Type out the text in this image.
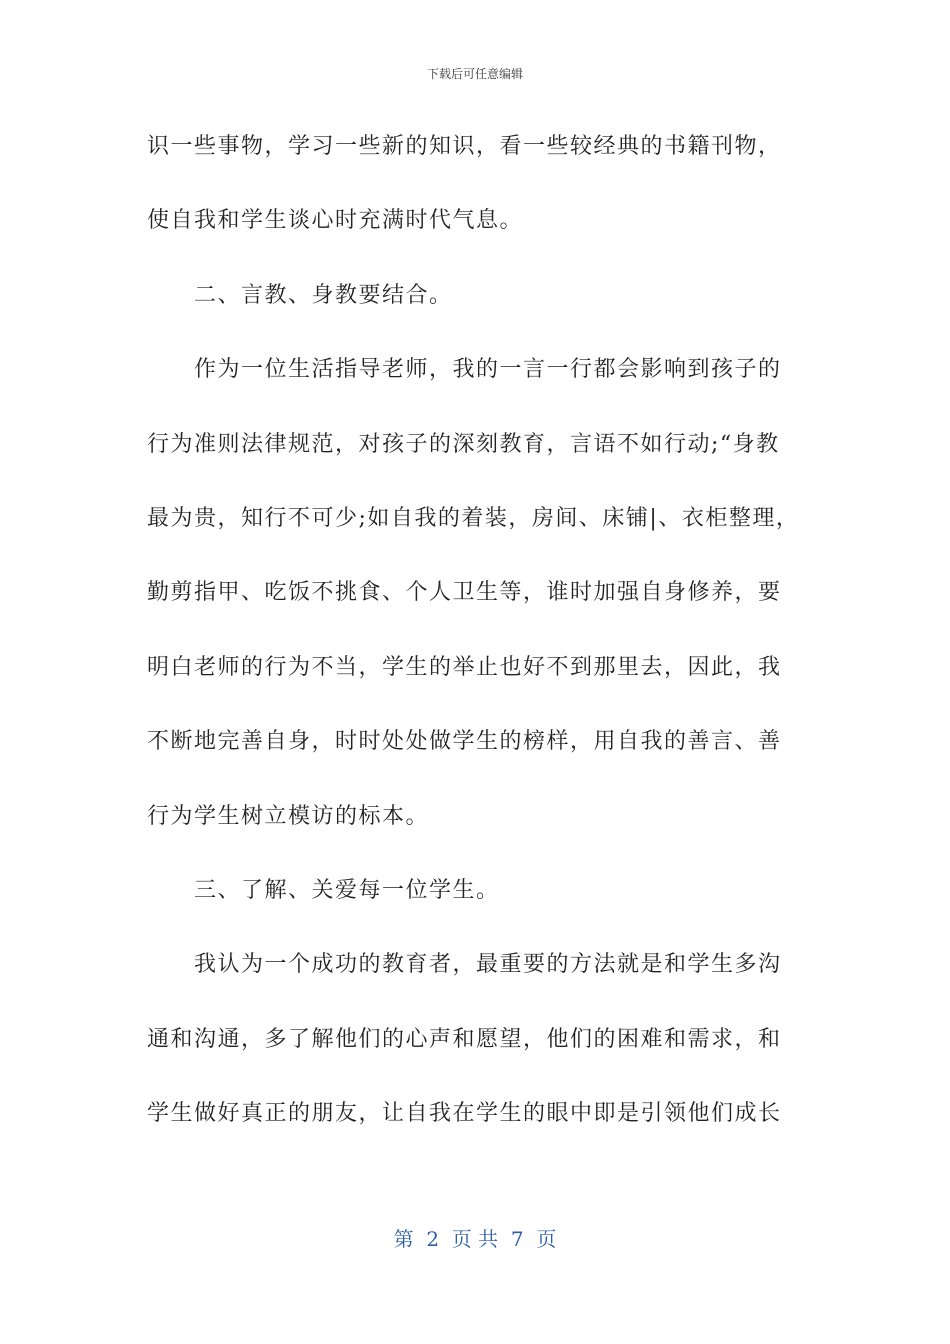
下载后可任意编辑
识一些事物，学习一些新的知识，看一些较经典的书籍刊物，
使自我和学生谈心时充满时代气息。
二、言教、身教要结合。
作为一位生活指导老师，我的一言一行都会影响到孩子的
行为准则法律规范，对孩子的深刻教育，言语不如行动;“身教
最为贵，知行不可少;如自我的着装，房间、床铺|、衣柜整理，
勤剪指甲、吃饭不挑食、个人卫生等，谁时加强自身修养，要
明白老师的行为不当，学生的举止也好不到那里去，因此，我
不断地完善自身，时时处处做学生的榜样，用自我的善言、善
行为学生树立模访的标本。
三、了解、关爱每一位学生。
我认为一个成功的教育者，最重要的方法就是和学生多沟
通和沟通，多了解他们的心声和愿望，他们的困难和需求，和
学生做好真正的朋友，让自我在学生的眼中即是引领他们成长
第  2  页 共  7  页
